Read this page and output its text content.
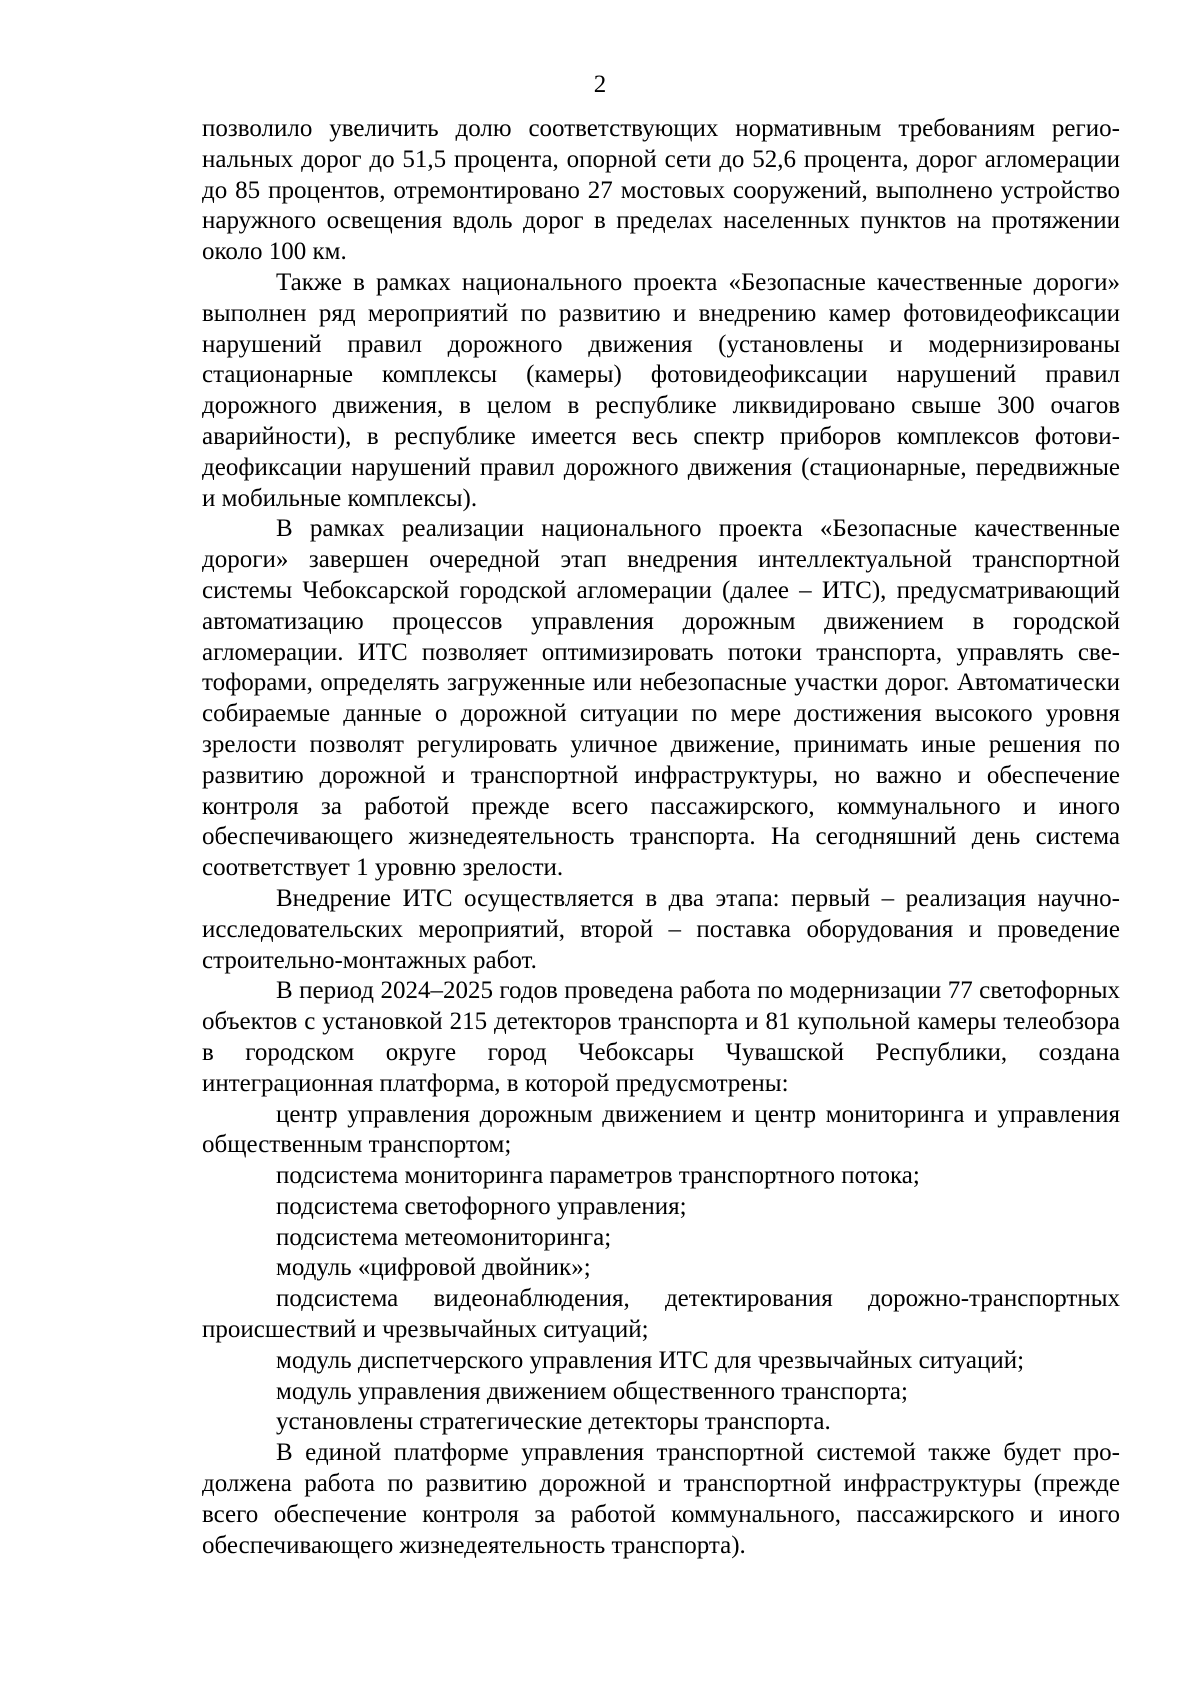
2

позволило увеличить долю соответствующих нормативным требованиям региональных дорог до 51,5 процента, опорной сети до 52,6 процента, дорог агломерации до 85 процентов, отремонтировано 27 мостовых сооружений, выполнено устройство наружного освещения вдоль дорог в пределах населенных пунктов на протяжении около 100 км.

Также в рамках национального проекта «Безопасные качественные дороги» выполнен ряд мероприятий по развитию и внедрению камер фотовидеофиксации нарушений правил дорожного движения (установлены и модернизированы стационарные комплексы (камеры) фотовидеофиксации нарушений правил дорожного движения, в целом в республике ликвидировано свыше 300 очагов аварийности), в республике имеется весь спектр приборов комплексов фотовидеофиксации нарушений правил дорожного движения (стационарные, передвижные и мобильные комплексы).

В рамках реализации национального проекта «Безопасные качественные дороги» завершен очередной этап внедрения интеллектуальной транспортной системы Чебоксарской городской агломерации (далее – ИТС), предусматривающий автоматизацию процессов управления дорожным движением в городской агломерации. ИТС позволяет оптимизировать потоки транспорта, управлять светофорами, определять загруженные или небезопасные участки дорог. Автоматически собираемые данные о дорожной ситуации по мере достижения высокого уровня зрелости позволят регулировать уличное движение, принимать иные решения по развитию дорожной и транспортной инфраструктуры, но важно и обеспечение контроля за работой прежде всего пассажирского, коммунального и иного обеспечивающего жизнедеятельность транспорта. На сегодняшний день система соответствует 1 уровню зрелости.

Внедрение ИТС осуществляется в два этапа: первый – реализация научно-исследовательских мероприятий, второй – поставка оборудования и проведение строительно-монтажных работ.

В период 2024–2025 годов проведена работа по модернизации 77 светофорных объектов с установкой 215 детекторов транспорта и 81 купольной камеры телеобзора в городском округе город Чебоксары Чувашской Республики, создана интеграционная платформа, в которой предусмотрены:

центр управления дорожным движением и центр мониторинга и управления общественным транспортом;

подсистема мониторинга параметров транспортного потока;

подсистема светофорного управления;

подсистема метеомониторинга;

модуль «цифровой двойник»;

подсистема видеонаблюдения, детектирования дорожно-транспортных происшествий и чрезвычайных ситуаций;

модуль диспетчерского управления ИТС для чрезвычайных ситуаций;

модуль управления движением общественного транспорта;

установлены стратегические детекторы транспорта.

В единой платформе управления транспортной системой также будет продолжена работа по развитию дорожной и транспортной инфраструктуры (прежде всего обеспечение контроля за работой коммунального, пассажирского и иного обеспечивающего жизнедеятельность транспорта).
